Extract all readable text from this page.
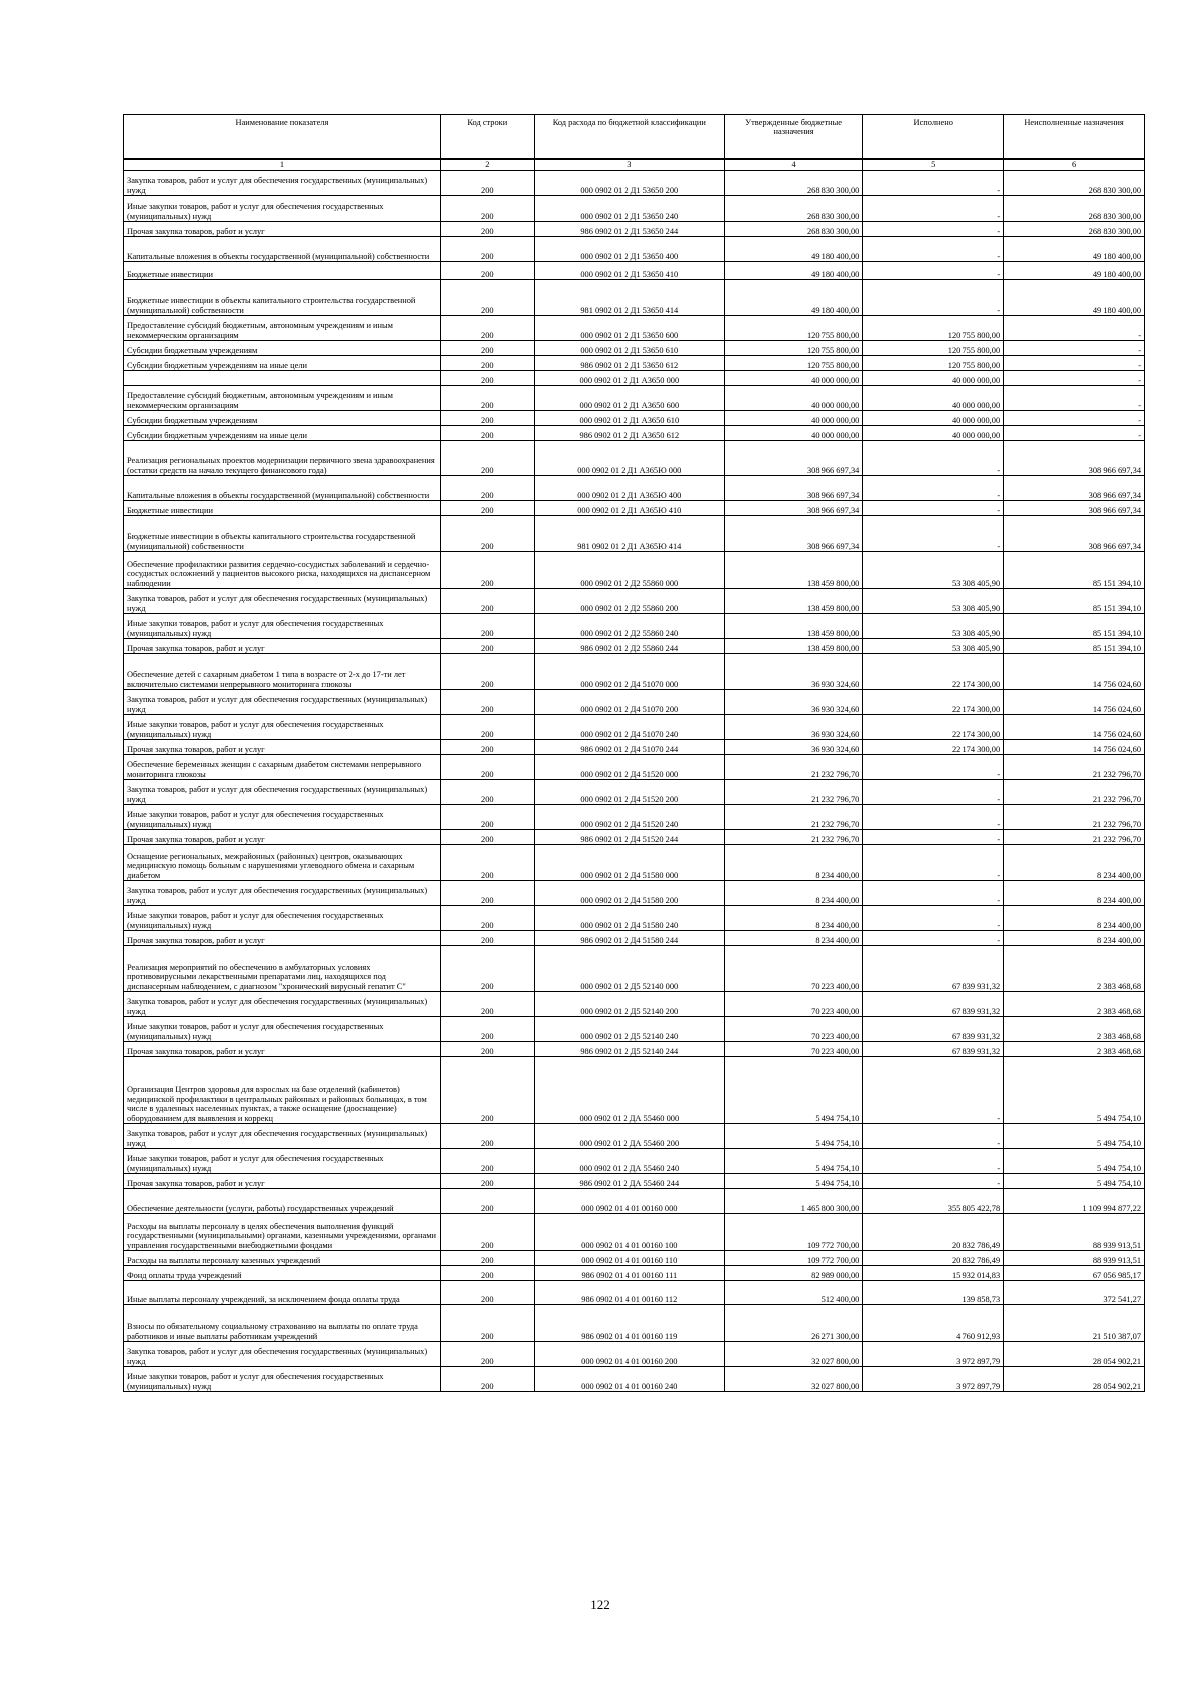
Наименование показателя	Код строки	Код расхода по бюджетной классификации	Утвержденные бюджетные назначения	Исполнено	Неисполненные назначения
1	2	3	4	5	6
Закупка товаров, работ и услуг для обеспечения государственных (муниципальных) нужд	200	000 0902 01 2 Д1 53650 200	268 830 300,00	-	268 830 300,00
Иные закупки товаров, работ и услуг для обеспечения государственных (муниципальных) нужд	200	000 0902 01 2 Д1 53650 240	268 830 300,00	-	268 830 300,00
Прочая закупка товаров, работ и услуг	200	986 0902 01 2 Д1 53650 244	268 830 300,00	-	268 830 300,00
Капитальные вложения в объекты государственной (муниципальной) собственности	200	000 0902 01 2 Д1 53650 400	49 180 400,00	-	49 180 400,00
Бюджетные инвестиции	200	000 0902 01 2 Д1 53650 410	49 180 400,00	-	49 180 400,00
Бюджетные инвестиции в объекты капитального строительства государственной (муниципальной) собственности	200	981 0902 01 2 Д1 53650 414	49 180 400,00	-	49 180 400,00
Предоставление субсидий бюджетным, автономным учреждениям и иным некоммерческим организациям	200	000 0902 01 2 Д1 53650 600	120 755 800,00	120 755 800,00	-
Субсидии бюджетным учреждениям	200	000 0902 01 2 Д1 53650 610	120 755 800,00	120 755 800,00	-
Субсидии бюджетным учреждениям на иные цели	200	986 0902 01 2 Д1 53650 612	120 755 800,00	120 755 800,00	-
	200	000 0902 01 2 Д1 А3650 000	40 000 000,00	40 000 000,00	-
Предоставление субсидий бюджетным, автономным учреждениям и иным некоммерческим организациям	200	000 0902 01 2 Д1 А3650 600	40 000 000,00	40 000 000,00	-
Субсидии бюджетным учреждениям	200	000 0902 01 2 Д1 А3650 610	40 000 000,00	40 000 000,00	-
Субсидии бюджетным учреждениям на иные цели	200	986 0902 01 2 Д1 А3650 612	40 000 000,00	40 000 000,00	-
Реализация региональных проектов модернизации первичного звена здравоохранения (остатки средств на начало текущего финансового года)	200	000 0902 01 2 Д1 А365Ю 000	308 966 697,34	-	308 966 697,34
Капитальные вложения в объекты государственной (муниципальной) собственности	200	000 0902 01 2 Д1 А365Ю 400	308 966 697,34	-	308 966 697,34
Бюджетные инвестиции	200	000 0902 01 2 Д1 А365Ю 410	308 966 697,34	-	308 966 697,34
Бюджетные инвестиции в объекты капитального строительства государственной (муниципальной) собственности	200	981 0902 01 2 Д1 А365Ю 414	308 966 697,34	-	308 966 697,34
Обеспечение профилактики развития сердечно-сосудистых заболеваний и сердечно-сосудистых осложнений у пациентов высокого риска, находящихся на диспансерном наблюдении	200	000 0902 01 2 Д2 55860 000	138 459 800,00	53 308 405,90	85 151 394,10
Закупка товаров, работ и услуг для обеспечения государственных (муниципальных) нужд	200	000 0902 01 2 Д2 55860 200	138 459 800,00	53 308 405,90	85 151 394,10
Иные закупки товаров, работ и услуг для обеспечения государственных (муниципальных) нужд	200	000 0902 01 2 Д2 55860 240	138 459 800,00	53 308 405,90	85 151 394,10
Прочая закупка товаров, работ и услуг	200	986 0902 01 2 Д2 55860 244	138 459 800,00	53 308 405,90	85 151 394,10
Обеспечение детей с сахарным диабетом 1 типа в возрасте от 2-х до 17-ти лет включительно системами непрерывного мониторинга глюкозы	200	000 0902 01 2 Д4 51070 000	36 930 324,60	22 174 300,00	14 756 024,60
Закупка товаров, работ и услуг для обеспечения государственных (муниципальных) нужд	200	000 0902 01 2 Д4 51070 200	36 930 324,60	22 174 300,00	14 756 024,60
Иные закупки товаров, работ и услуг для обеспечения государственных (муниципальных) нужд	200	000 0902 01 2 Д4 51070 240	36 930 324,60	22 174 300,00	14 756 024,60
Прочая закупка товаров, работ и услуг	200	986 0902 01 2 Д4 51070 244	36 930 324,60	22 174 300,00	14 756 024,60
Обеспечение беременных женщин с сахарным диабетом системами непрерывного мониторинга глюкозы	200	000 0902 01 2 Д4 51520 000	21 232 796,70	-	21 232 796,70
Закупка товаров, работ и услуг для обеспечения государственных (муниципальных) нужд	200	000 0902 01 2 Д4 51520 200	21 232 796,70	-	21 232 796,70
Иные закупки товаров, работ и услуг для обеспечения государственных (муниципальных) нужд	200	000 0902 01 2 Д4 51520 240	21 232 796,70	-	21 232 796,70
Прочая закупка товаров, работ и услуг	200	986 0902 01 2 Д4 51520 244	21 232 796,70	-	21 232 796,70
Оснащение региональных, межрайонных (районных) центров, оказывающих медицинскую помощь больным с нарушениями углеводного обмена и сахарным диабетом	200	000 0902 01 2 Д4 51580 000	8 234 400,00	-	8 234 400,00
Закупка товаров, работ и услуг для обеспечения государственных (муниципальных) нужд	200	000 0902 01 2 Д4 51580 200	8 234 400,00	-	8 234 400,00
Иные закупки товаров, работ и услуг для обеспечения государственных (муниципальных) нужд	200	000 0902 01 2 Д4 51580 240	8 234 400,00	-	8 234 400,00
Прочая закупка товаров, работ и услуг	200	986 0902 01 2 Д4 51580 244	8 234 400,00	-	8 234 400,00
Реализация мероприятий по обеспечению в амбулаторных условиях противовирусными лекарственными препаратами лиц, находящихся под диспансерным наблюдением, с диагнозом "хронический вирусный гепатит С"	200	000 0902 01 2 Д5 52140 000	70 223 400,00	67 839 931,32	2 383 468,68
Закупка товаров, работ и услуг для обеспечения государственных (муниципальных) нужд	200	000 0902 01 2 Д5 52140 200	70 223 400,00	67 839 931,32	2 383 468,68
Иные закупки товаров, работ и услуг для обеспечения государственных (муниципальных) нужд	200	000 0902 01 2 Д5 52140 240	70 223 400,00	67 839 931,32	2 383 468,68
Прочая закупка товаров, работ и услуг	200	986 0902 01 2 Д5 52140 244	70 223 400,00	67 839 931,32	2 383 468,68
Организация Центров здоровья для взрослых на базе отделений (кабинетов) медицинской профилактики в центральных районных и районных больницах, в том числе в удаленных населенных пунктах, а также оснащение (дооснащение) оборудованием для выявления и коррекц	200	000 0902 01 2 ДА 55460 000	5 494 754,10	-	5 494 754,10
Закупка товаров, работ и услуг для обеспечения государственных (муниципальных) нужд	200	000 0902 01 2 ДА 55460 200	5 494 754,10	-	5 494 754,10
Иные закупки товаров, работ и услуг для обеспечения государственных (муниципальных) нужд	200	000 0902 01 2 ДА 55460 240	5 494 754,10	-	5 494 754,10
Прочая закупка товаров, работ и услуг	200	986 0902 01 2 ДА 55460 244	5 494 754,10	-	5 494 754,10
Обеспечение деятельности (услуги, работы) государственных учреждений	200	000 0902 01 4 01 00160 000	1 465 800 300,00	355 805 422,78	1 109 994 877,22
Расходы на выплаты персоналу в целях обеспечения выполнения функций государственными (муниципальными) органами, казенными учреждениями, органами управления государственными внебюджетными фондами	200	000 0902 01 4 01 00160 100	109 772 700,00	20 832 786,49	88 939 913,51
Расходы на выплаты персоналу казенных учреждений	200	000 0902 01 4 01 00160 110	109 772 700,00	20 832 786,49	88 939 913,51
Фонд оплаты труда учреждений	200	986 0902 01 4 01 00160 111	82 989 000,00	15 932 014,83	67 056 985,17
Иные выплаты персоналу учреждений, за исключением фонда оплаты труда	200	986 0902 01 4 01 00160 112	512 400,00	139 858,73	372 541,27
Взносы по обязательному социальному страхованию на выплаты по оплате труда работников и иные выплаты работникам учреждений	200	986 0902 01 4 01 00160 119	26 271 300,00	4 760 912,93	21 510 387,07
Закупка товаров, работ и услуг для обеспечения государственных (муниципальных) нужд	200	000 0902 01 4 01 00160 200	32 027 800,00	3 972 897,79	28 054 902,21
Иные закупки товаров, работ и услуг для обеспечения государственных (муниципальных) нужд	200	000 0902 01 4 01 00160 240	32 027 800,00	3 972 897,79	28 054 902,21
122
